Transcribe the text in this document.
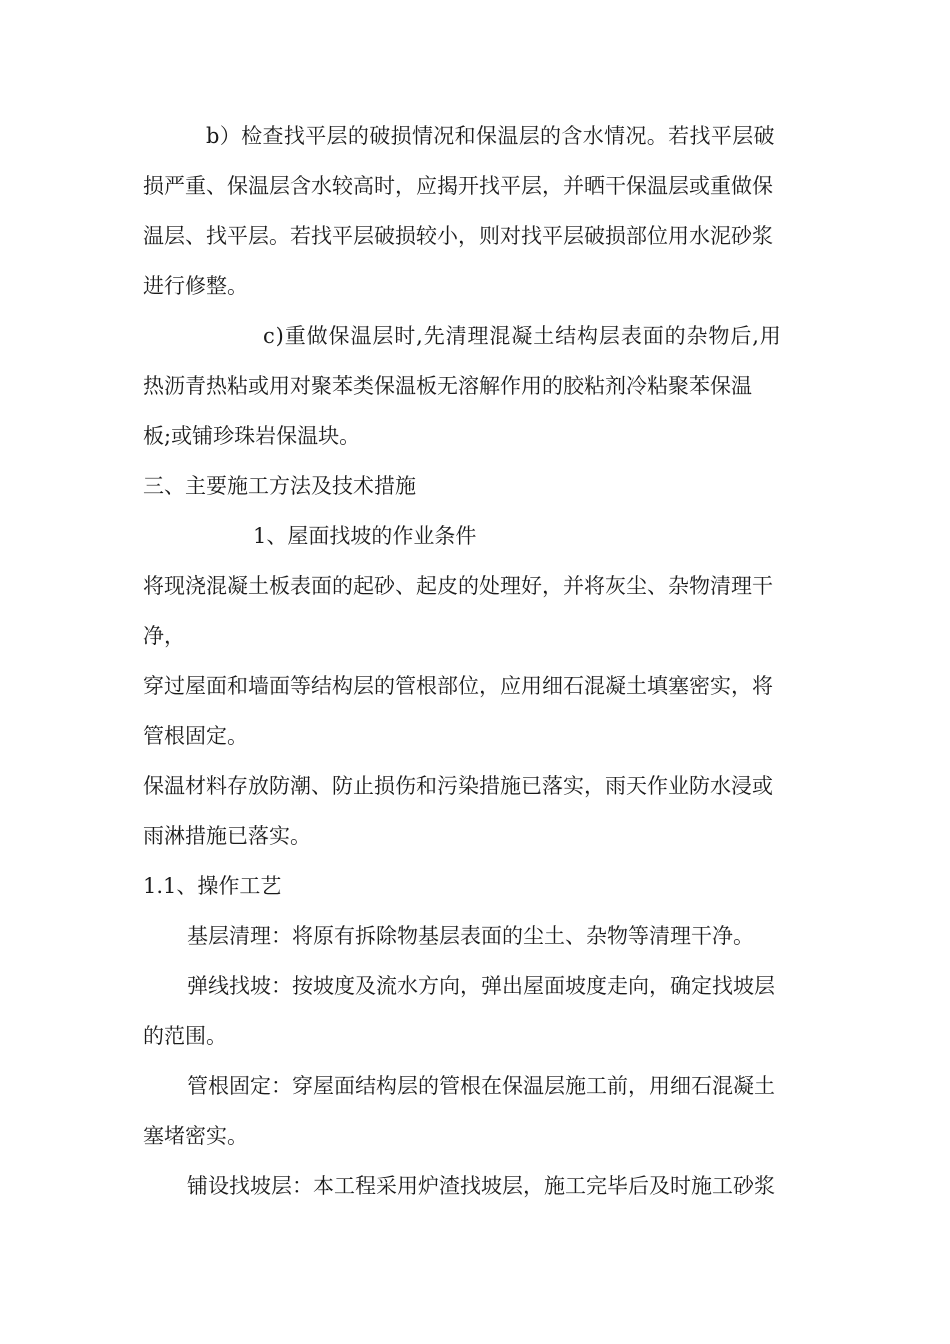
b）检查找平层的破损情况和保温层的含水情况。若找平层破

损严重、保温层含水较高时，应揭开找平层，并晒干保温层或重做保

温层、找平层。若找平层破损较小，则对找平层破损部位用水泥砂浆

进行修整。

c)重做保温层时,先清理混凝土结构层表面的杂物后,用

热沥青热粘或用对聚苯类保温板无溶解作用的胶粘剂冷粘聚苯保温

板;或铺珍珠岩保温块。

三、主要施工方法及技术措施

1、屋面找坡的作业条件

将现浇混凝土板表面的起砂、起皮的处理好，并将灰尘、杂物清理干

净，

穿过屋面和墙面等结构层的管根部位，应用细石混凝土填塞密实，将

管根固定。

保温材料存放防潮、防止损伤和污染措施已落实，雨天作业防水浸或

雨淋措施已落实。

1.1、操作工艺

基层清理：将原有拆除物基层表面的尘土、杂物等清理干净。

弹线找坡：按坡度及流水方向，弹出屋面坡度走向，确定找坡层

的范围。

管根固定：穿屋面结构层的管根在保温层施工前，用细石混凝土

塞堵密实。

铺设找坡层：本工程采用炉渣找坡层，施工完毕后及时施工砂浆
